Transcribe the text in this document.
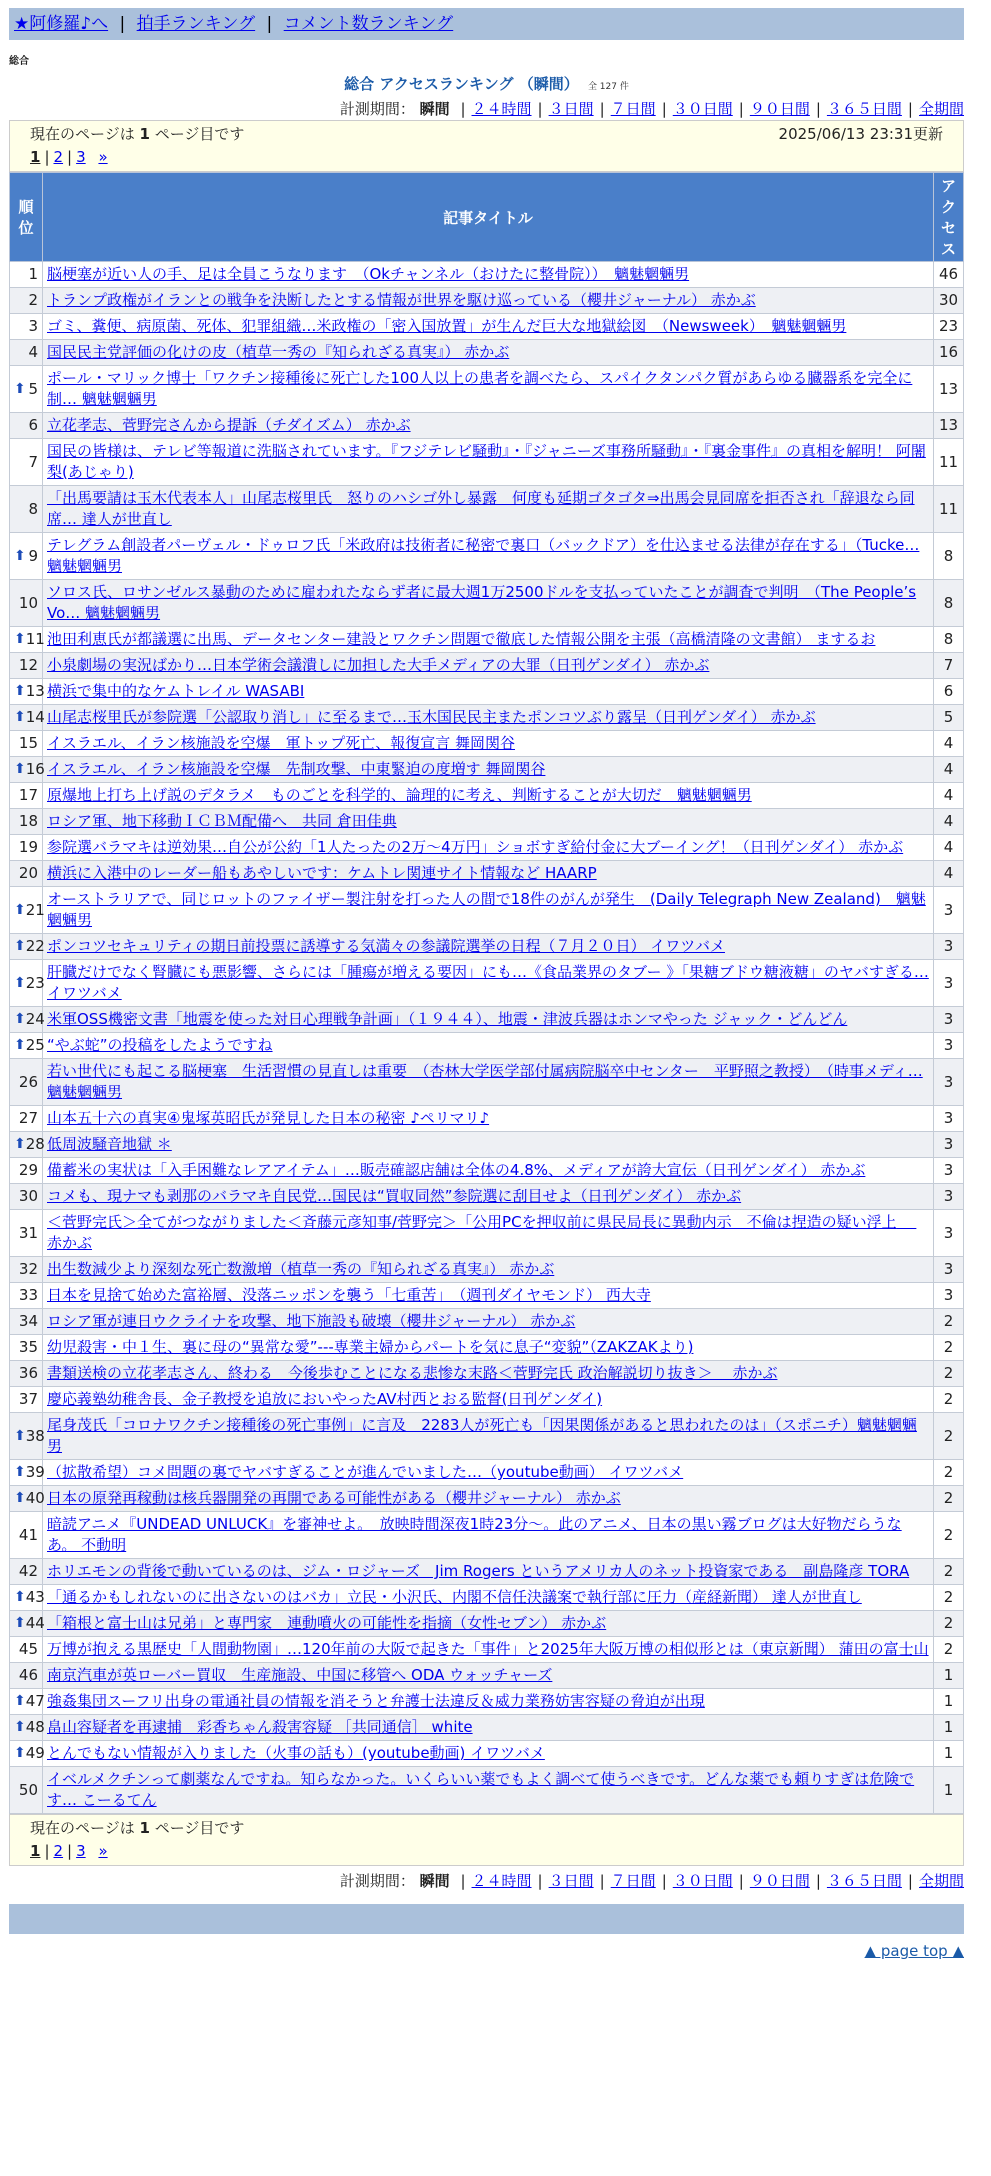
★阿修羅♪へ | 拍手ランキング | コメント数ランキング
総合
総合 アクセスランキング （瞬間） 全 127 件
計測期間： 瞬間 | ２４時間 | ３日間 | ７日間 | ３０日間 | ９０日間 | ３６５日間 | 全期間
現在のページは 1 ページ目です	2025/06/13 23:31更新
1 | 2 | 3 »
順位	記事タイトル	アクセス
1	脳梗塞が近い人の手、足は全員こうなります　（Okチャンネル（おけたに整骨院））　魑魅魍魎男	46
2	トランプ政権がイランとの戦争を決断したとする情報が世界を駆け巡っている（櫻井ジャーナル） 赤かぶ	30
3	ゴミ、糞便、病原菌、死体、犯罪組織…米政権の「密入国放置」が生んだ巨大な地獄絵図　（Newsweek）　魑魅魍魎男	23
4	国民民主党評価の化けの皮（植草一秀の『知られざる真実』） 赤かぶ	16

⬆ 5	ポール・マリック博士「ワクチン接種後に死亡した100人以上の患者を調べたら、スパイクタンパク質があらゆる臓器系を完全に制… 魑魅魍魎男	13
6	立花孝志、菅野完さんから提訴（チダイズム） 赤かぶ	13
7	国民の皆様は、テレビ等報道に洗脳されています。『フジテレビ騒動』・『ジャニーズ事務所騒動』・『裏金事件』の真相を解明！ 阿闍梨(あじゃり)	11
8	「出馬要請は玉木代表本人」山尾志桜里氏　怒りのハシゴ外し暴露　何度も延期ゴタゴタ⇒出馬会見同席を拒否され「辞退なら同席… 達人が世直し	11

⬆ 9	テレグラム創設者パーヴェル・ドゥロフ氏「米政府は技術者に秘密で裏口（バックドア）を仕込ませる法律が存在する」（Tucke… 魑魅魍魎男	8
10	ソロス氏、ロサンゼルス暴動のために雇われたならず者に最大週1万2500ドルを支払っていたことが調査で判明　（The People’s Vo… 魑魅魍魎男	8

⬆ 11	池田利恵氏が都議選に出馬、データセンター建設とワクチン問題で徹底した情報公開を主張（高橋清隆の文書館） まするお	8
12	小泉劇場の実況ばかり…日本学術会議潰しに加担した大手メディアの大罪（日刊ゲンダイ） 赤かぶ	7

⬆ 13	横浜で集中的なケムトレイル WASABI	6

⬆ 14	山尾志桜里氏が参院選「公認取り消し」に至るまで…玉木国民民主またポンコツぶり露呈（日刊ゲンダイ） 赤かぶ	5
15	イスラエル、イラン核施設を空爆　軍トップ死亡、報復宣言 舞岡関谷	4

⬆ 16	イスラエル、イラン核施設を空爆　先制攻撃、中東緊迫の度増す 舞岡関谷	4
17	原爆地上打ち上げ説のデタラメ　ものごとを科学的、論理的に考え、判断することが大切だ　魑魅魍魎男	4
18	ロシア軍、地下移動ＩＣＢＭ配備へ　共同 倉田佳典	4
19	参院選バラマキは逆効果…自公が公約「1人たったの2万～4万円」ショボすぎ給付金に大ブーイング！（日刊ゲンダイ） 赤かぶ	4
20	横浜に入港中のレーダー船もあやしいです：ケムトレ関連サイト情報など HAARP	4

⬆ 21	オーストラリアで、同じロットのファイザー製注射を打った人の間で18件のがんが発生　(Daily Telegraph New Zealand)　魑魅魍魎男	3

⬆ 22	ポンコツセキュリティの期日前投票に誘導する気満々の参議院選挙の日程（７月２０日） イワツバメ	3

⬆ 23	肝臓だけでなく腎臓にも悪影響、さらには「腫瘍が増える要因」にも…《食品業界のタブー 》「果糖ブドウ糖液糖」のヤバすぎる… イワツバメ	3

⬆ 24	米軍OSS機密文書「地震を使った対日心理戦争計画」（１９４４）、地震・津波兵器はホンマやった ジャック・どんどん	3

⬆ 25	“やぶ蛇”の投稿をしたようですね	3
26	若い世代にも起こる脳梗塞　生活習慣の見直しは重要　（杏林大学医学部付属病院脳卒中センター　平野照之教授）　（時事メディ… 魑魅魍魎男	3
27	山本五十六の真実④鬼塚英昭氏が発見した日本の秘密 ♪ペリマリ♪	3

⬆ 28	低周波騒音地獄 ＊	3
29	備蓄米の実状は「入手困難なレアアイテム」…販売確認店舗は全体の4.8%、メディアが誇大宣伝（日刊ゲンダイ） 赤かぶ	3
30	コメも、現ナマも剥那のバラマキ自民党…国民は“買収同然”参院選に刮目せよ（日刊ゲンダイ） 赤かぶ	3
31	＜菅野完氏＞全てがつながりました＜斉藤元彦知事/菅野完＞「公用PCを押収前に県民局長に異動内示　不倫は捏造の疑い浮上　 赤かぶ	3
32	出生数減少より深刻な死亡数激増（植草一秀の『知られざる真実』） 赤かぶ	3
33	日本を見捨て始めた富裕層、没落ニッポンを襲う「七重苦」　（週刊ダイヤモンド） 西大寺	3
34	ロシア軍が連日ウクライナを攻撃、地下施設も破壊（櫻井ジャーナル） 赤かぶ	2
35	幼児殺害・中１生、裏に母の“異常な愛”---専業主婦からパートを気に息子“変貌”（ZAKZAKより)	2
36	書類送検の立花孝志さん、終わる　今後歩むことになる悲惨な末路＜菅野完氏 政治解説切り抜き＞　 赤かぶ	2
37	慶応義塾幼稚舎長、金子教授を追放においやったAV村西とおる監督(日刊ゲンダイ)	2

⬆ 38	尾身茂氏「コロナワクチン接種後の死亡事例」に言及　2283人が死亡も「因果関係があると思われたのは」（スポニチ）魑魅魍魎男	2

⬆ 39	（拡散希望）コメ問題の裏でヤバすぎることが進んでいました…（youtube動画） イワツバメ	2

⬆ 40	日本の原発再稼動は核兵器開発の再開である可能性がある（櫻井ジャーナル） 赤かぶ	2
41	暗読アニメ『UNDEAD UNLUCK』を審神せよ。　放映時間深夜1時23分〜。此のアニメ、日本の黒い霧ブログは大好物だらうなあ。 不動明	2
42	ホリエモンの背後で動いているのは、ジム・ロジャーズ　Jim Rogers というアメリカ人のネット投資家である　副島隆彦 TORA	2

⬆ 43	「通るかもしれないのに出さないのはバカ」立民・小沢氏、内閣不信任決議案で執行部に圧力（産経新聞） 達人が世直し	2

⬆ 44	「箱根と富士山は兄弟」と専門家　連動噴火の可能性を指摘（女性セブン） 赤かぶ	2
45	万博が抱える黒歴史「人間動物園」…120年前の大阪で起きた「事件」と2025年大阪万博の相似形とは（東京新聞） 蒲田の富士山	2
46	南京汽車が英ローバー買収　生産施設、中国に移管へ ODA ウォッチャーズ	1

⬆ 47	強姦集団スーフリ出身の電通社員の情報を消そうと弁護士法違反＆威力業務妨害容疑の脅迫が出現	1

⬆ 48	畠山容疑者を再逮捕　彩香ちゃん殺害容疑 ［共同通信］ white	1

⬆ 49	とんでもない情報が入りました（火事の話も）(youtube動画) イワツバメ	1
50	イベルメクチンって劇薬なんですね。知らなかった。いくらいい薬でもよく調べて使うべきです。どんな薬でも頼りすぎは危険です… こーるてん	1
現在のページは 1 ページ目です
1 | 2 | 3 »
計測期間： 瞬間 | ２４時間 | ３日間 | ７日間 | ３０日間 | ９０日間 | ３６５日間 | 全期間
▲ page top ▲
